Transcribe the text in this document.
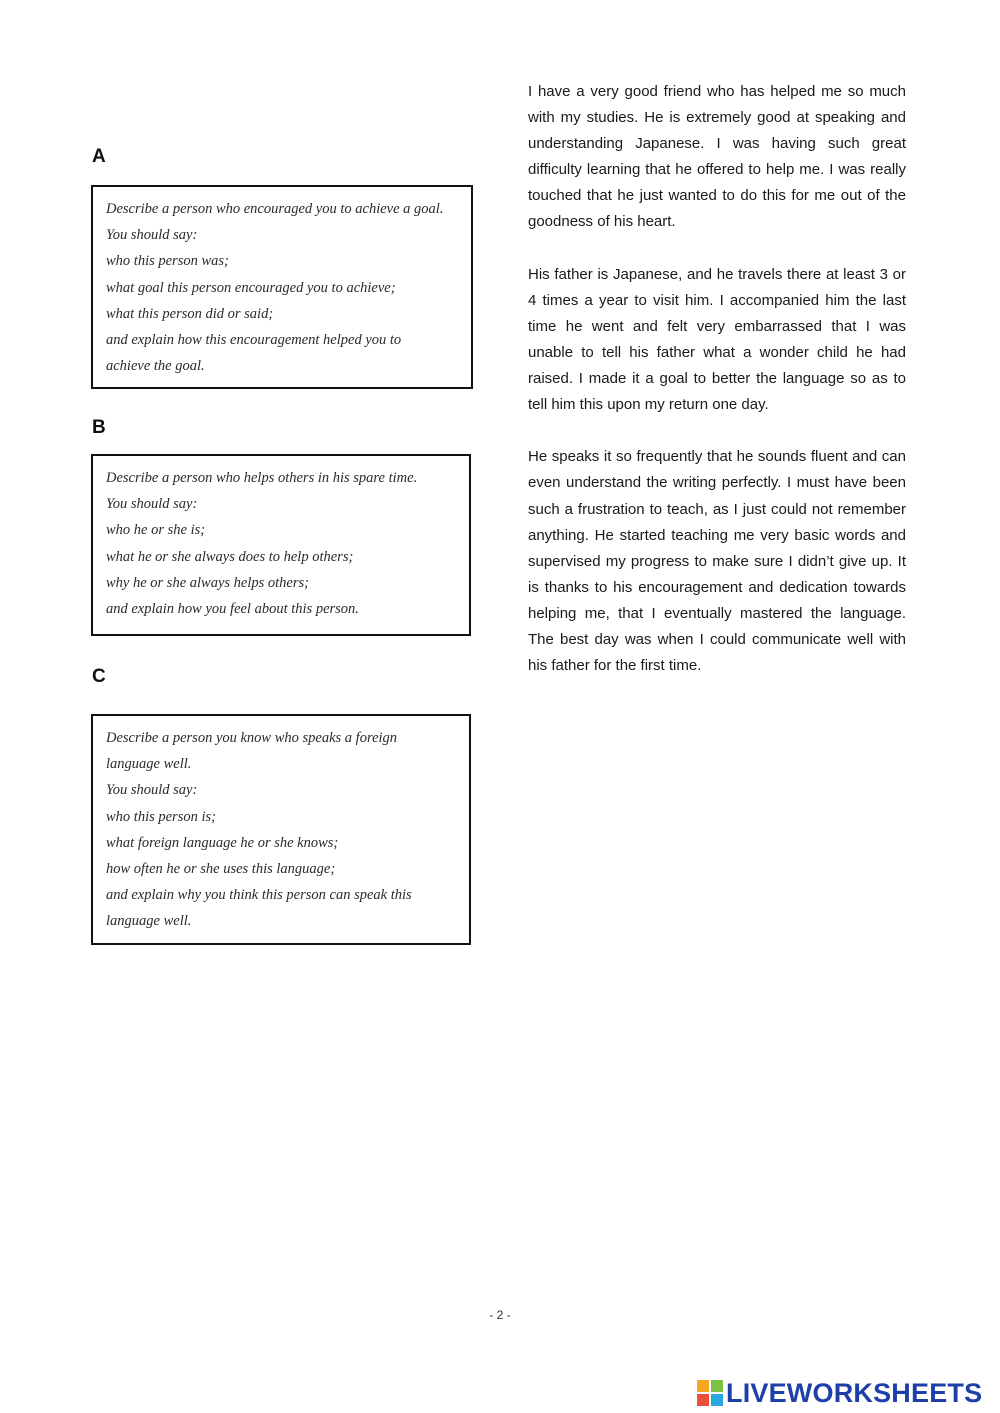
A
Describe a person who encouraged you to achieve a goal.
You should say:
who this person was;
what goal this person encouraged you to achieve;
what this person did or said;
and explain how this encouragement helped you to
achieve the goal.
B
Describe a person who helps others in his spare time.
You should say:
who he or she is;
what he or she always does to help others;
why he or she always helps others;
and explain how you feel about this person.
C
Describe a person you know who speaks a foreign
language well.
You should say:
who this person is;
what foreign language he or she knows;
how often he or she uses this language;
and explain why you think this person can speak this
language well.

I have a very good friend who has helped me so much with my studies. He is extremely good at speaking and understanding Japanese. I was having such great difficulty learning that he offered to help me. I was really touched that he just wanted to do this for me out of the goodness of his heart.

His father is Japanese, and he travels there at least 3 or 4 times a year to visit him. I accompanied him the last time he went and felt very embarrassed that I was unable to tell his father what a wonder child he had raised. I made it a goal to better the language so as to tell him this upon my return one day.

He speaks it so frequently that he sounds fluent and can even understand the writing perfectly. I must have been such a frustration to teach, as I just could not remember anything. He started teaching me very basic words and supervised my progress to make sure I didn’t give up. It is thanks to his encouragement and dedication towards helping me, that I eventually mastered the language. The best day was when I could communicate well with his father for the first time.

- 2 -
LIVEWORKSHEETS
